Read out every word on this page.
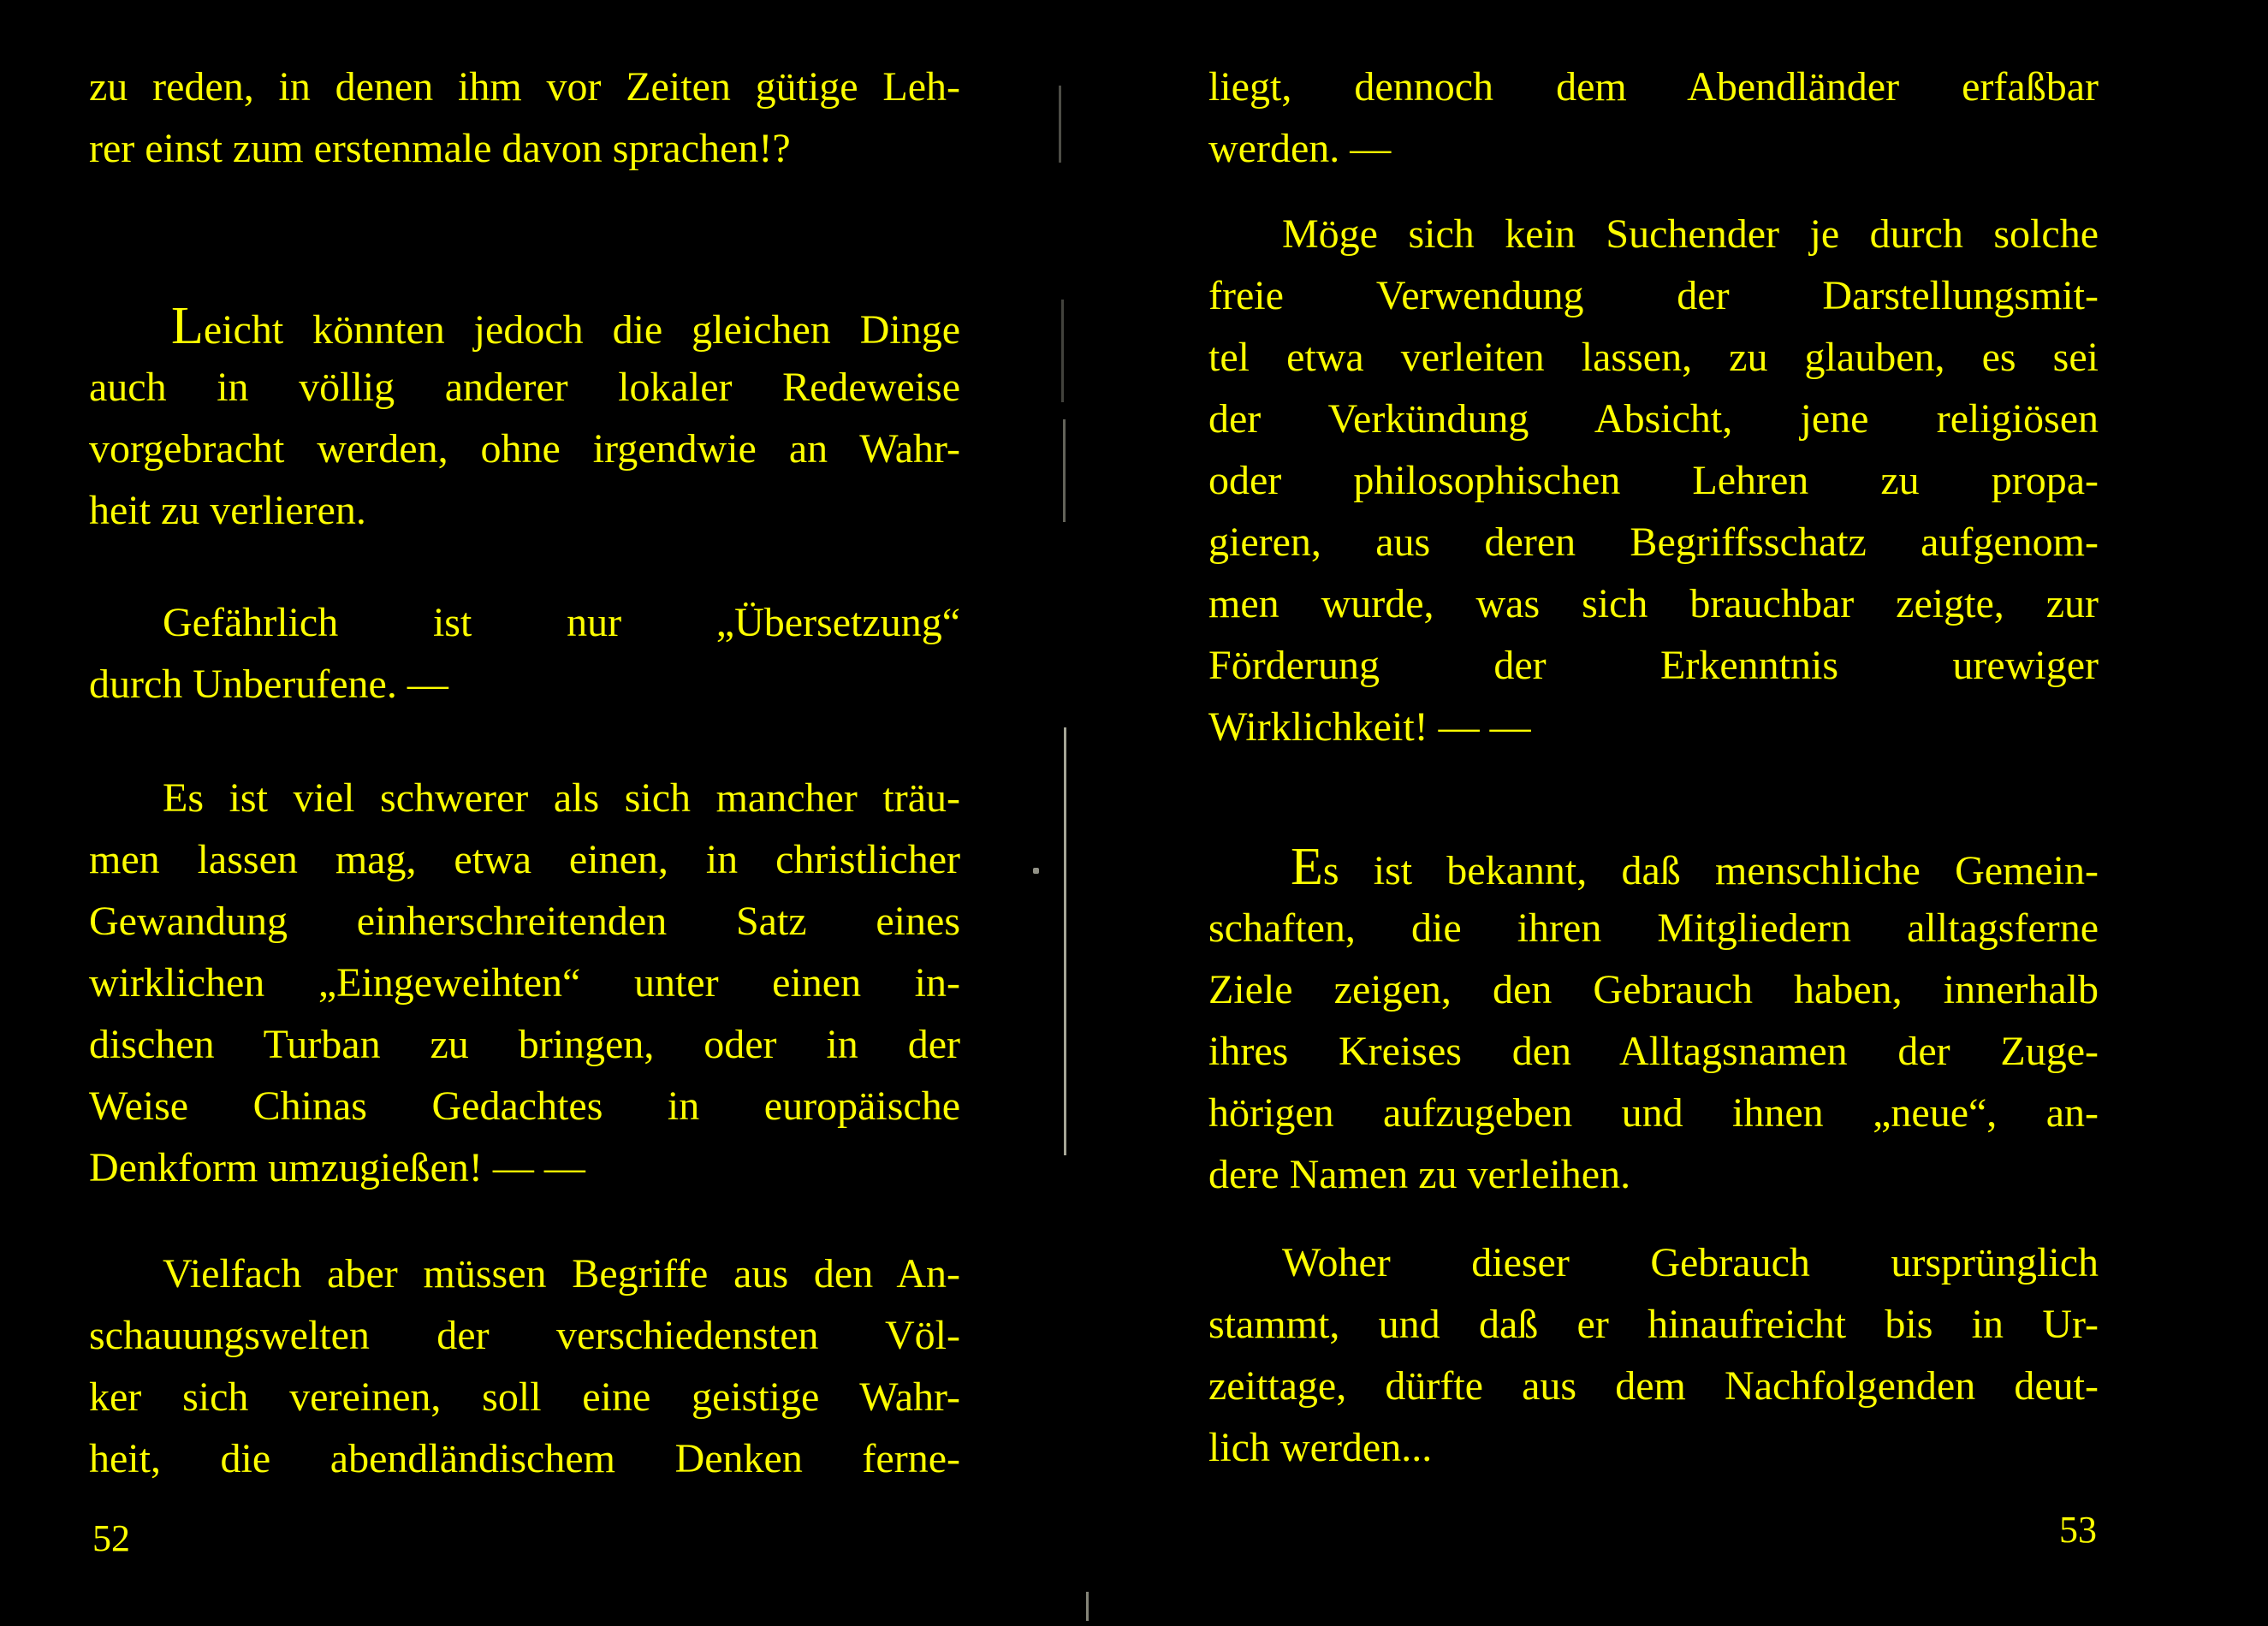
zu reden, in denen ihm vor Zeiten gütige Leh-
rer einst zum erstenmale davon sprachen!?
Leicht könnten jedoch die gleichen Dinge
auch in völlig anderer lokaler Redeweise
vorgebracht werden, ohne irgendwie an Wahr-
heit zu verlieren.
Gefährlich ist nur „Übersetzung“
durch Unberufene. —
Es ist viel schwerer als sich mancher träu-
men lassen mag, etwa einen, in christlicher
Gewandung einherschreitenden Satz eines
wirklichen „Eingeweihten“ unter einen in-
dischen Turban zu bringen, oder in der
Weise Chinas Gedachtes in europäische
Denkform umzugießen! — —
Vielfach aber müssen Begriffe aus den An-
schauungswelten der verschiedensten Völ-
ker sich vereinen, soll eine geistige Wahr-
heit, die abendländischem Denken ferne-
52
liegt, dennoch dem Abendländer erfaßbar
werden. —
Möge sich kein Suchender je durch solche
freie Verwendung der Darstellungsmit-
tel etwa verleiten lassen, zu glauben, es sei
der Verkündung Absicht, jene religiösen
oder philosophischen Lehren zu propa-
gieren, aus deren Begriffsschatz aufgenom-
men wurde, was sich brauchbar zeigte, zur
Förderung der Erkenntnis urewiger
Wirklichkeit! — —
Es ist bekannt, daß menschliche Gemein-
schaften, die ihren Mitgliedern alltagsferne
Ziele zeigen, den Gebrauch haben, innerhalb
ihres Kreises den Alltagsnamen der Zuge-
hörigen aufzugeben und ihnen „neue“, an-
dere Namen zu verleihen.
Woher dieser Gebrauch ursprünglich
stammt, und daß er hinaufreicht bis in Ur-
zeittage, dürfte aus dem Nachfolgenden deut-
lich werden...
53
